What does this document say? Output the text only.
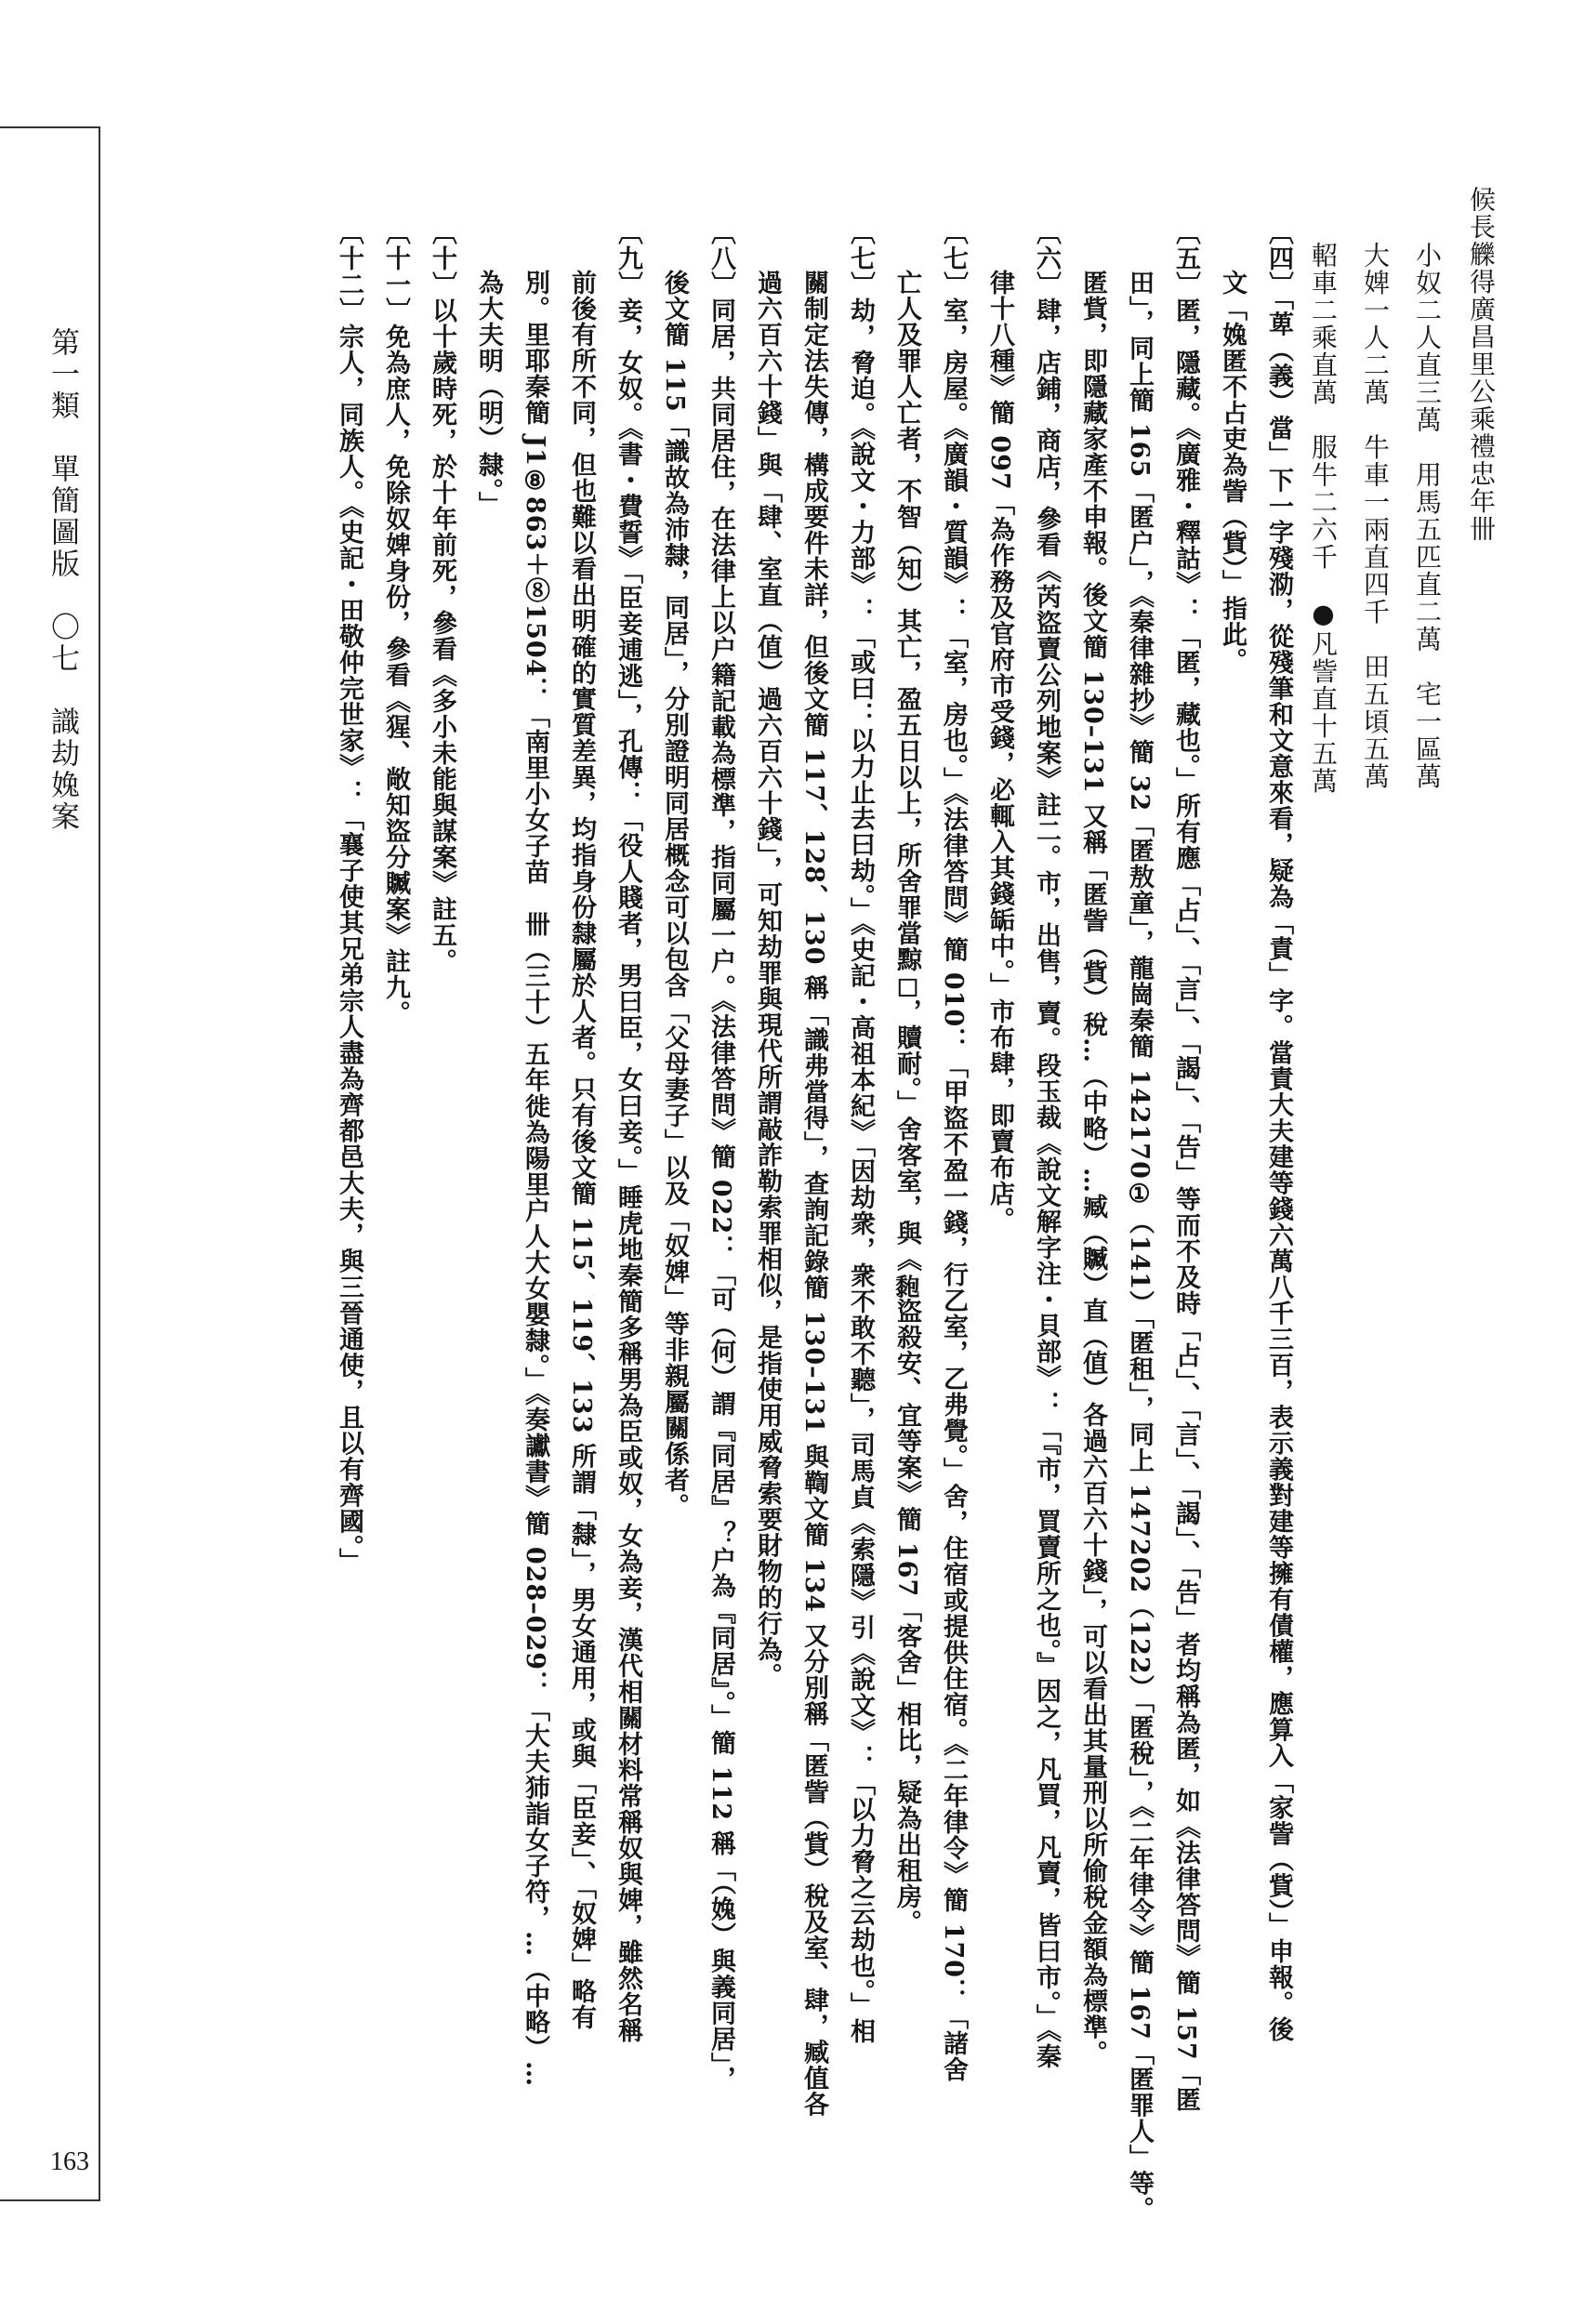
第一類　單簡圖版　〇七　識劫婏案
163
小奴二人直三萬　用馬五匹直二萬　宅一區萬
大婢一人二萬　牛車一兩直四千　田五頃五萬
軺車二乘直萬　服牛二六千　●凡訾直十五萬	候長觻得廣昌里公乘禮忠年卌
〔四〕「萆（義）當」下一字殘泐，從殘筆和文意來看，疑為「責」字。當責大夫建等錢六萬八千三百，表示義對建等擁有債權，應算入「家訾（貲）」申報。後
文「婏匿不占吏為訾（貲）」指此。
〔五〕匿，隱藏。《廣雅・釋詁》：「匿，藏也。」所有應「占」、「言」、「謁」、「告」等而不及時「占」、「言」、「謁」、「告」者均稱為匿，如《法律答問》簡 157「匿
田」，同上簡 165「匿户」，《秦律雜抄》簡 32「匿敖童」，龍崗秦簡 142170①（141）「匿租」，同上 147202（122）「匿稅」，《二年律令》簡 167「匿罪人」等。
匿貲，即隱藏家產不申報。後文簡 130–131 又稱「匿訾（貲）稅…（中略）…臧（贓）直（值）各過六百六十錢」，可以看出其量刑以所偷稅金額為標準。
〔六〕肆，店鋪，商店，參看《芮盜賣公列地案》註二。市，出售，賣。段玉裁《說文解字注・貝部》：「『市，買賣所之也。』因之，凡買，凡賣，皆曰市。」《秦
律十八種》簡 097「為作務及官府市受錢，必輒入其錢缿中。」市布肆，即賣布店。
〔七〕室，房屋。《廣韻・質韻》：「室，房也。」《法律答問》簡 010：「甲盜不盈一錢，行乙室，乙弗覺。」舍，住宿或提供住宿。《二年律令》簡 170：「諸舍
亡人及罪人亡者，不智（知）其亡，盈五日以上，所舍罪當黥☐，贖耐。」舍客室，與《𪏶盜殺安、宜等案》簡 167「客舍」相比，疑為出租房。
〔七〕劫，脅迫。《說文・力部》：「或曰：以力止去曰劫。」《史記・高祖本紀》「因劫衆，衆不敢不聽」，司馬貞《索隱》引《說文》：「以力脅之云劫也。」相
關制定法失傳，構成要件未詳，但後文簡 117、128、130 稱「識弗當得」，查詢記錄簡 130–131 與鞫文簡 134 又分別稱「匿訾（貲）稅及室、肆，臧值各
過六百六十錢」與「肆、室直（值）過六百六十錢」，可知劫罪與現代所謂敲詐勒索罪相似，是指使用威脅索要財物的行為。
〔八〕同居，共同居住，在法律上以户籍記載為標準，指同屬一户。《法律答問》簡 022：「可（何）謂『同居』？户為『同居』。」簡 112 稱「（婏）與義同居」，
後文簡 115「識故為沛隸，同居」，分別證明同居概念可以包含「父母妻子」以及「奴婢」等非親屬關係者。
〔九〕妾，女奴。《書・費誓》「臣妾逋逃」，孔傳：「役人賤者，男曰臣，女曰妾。」睡虎地秦簡多稱男為臣或奴，女為妾，漢代相關材料常稱奴與婢，雖然名稱
前後有所不同，但也難以看出明確的實質差異，均指身份隸屬於人者。只有後文簡 115、119、133 所謂「隸」，男女通用，或與「臣妾」、「奴婢」略有
別。里耶秦簡 J1⑧863＋⑧1504：「南里小女子苗　卌（三十）五年徙為陽里户人大女嬰隸。」《奏讞書》簡 028–029：「大夫犻詣女子符，…（中略）…
為大夫明（明）隸。」
〔十〕以十歲時死，於十年前死，參看《多小未能與謀案》註五。
〔十一〕免為庶人，免除奴婢身份，參看《猩、敞知盜分贓案》註九。
〔十二〕宗人，同族人。《史記・田敬仲完世家》：「襄子使其兄弟宗人盡為齊都邑大夫，與三晉通使，且以有齊國。」
